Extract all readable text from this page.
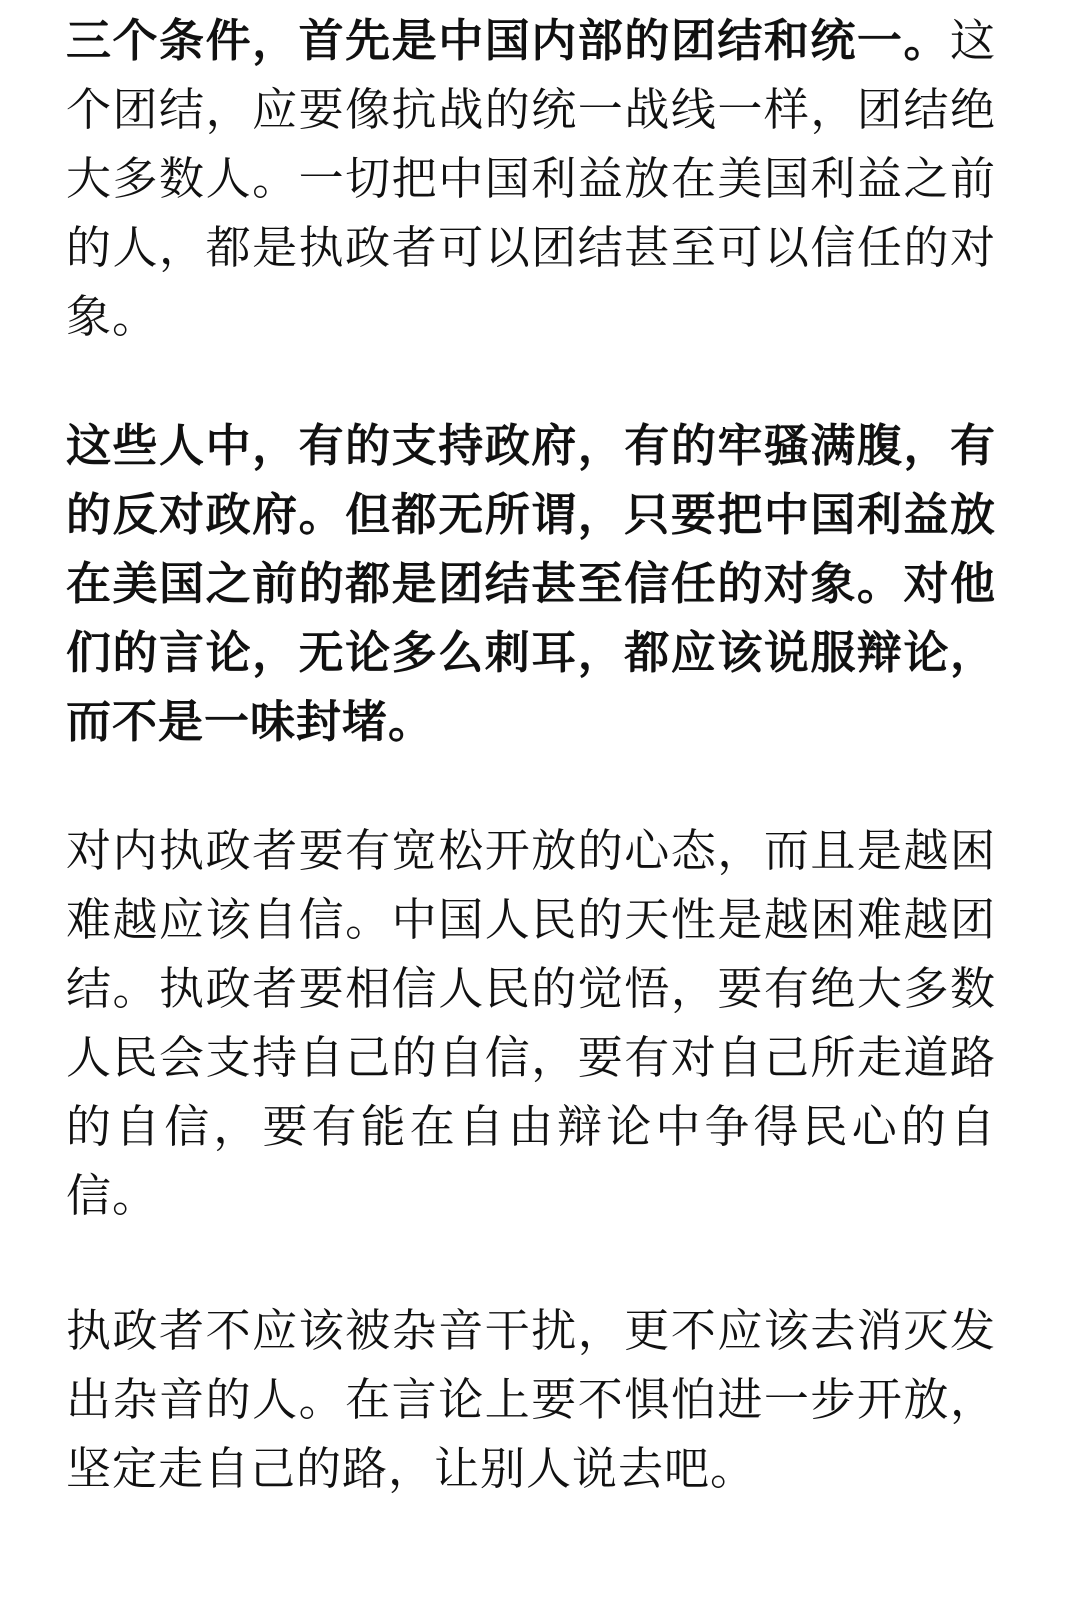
三个条件，首先是中国内部的团结和统一。这个团结，应要像抗战的统一战线一样，团结绝大多数人。一切把中国利益放在美国利益之前的人，都是执政者可以团结甚至可以信任的对象。

这些人中，有的支持政府，有的牢骚满腹，有的反对政府。但都无所谓，只要把中国利益放在美国之前的都是团结甚至信任的对象。对他们的言论，无论多么刺耳，都应该说服辩论，而不是一味封堵。

对内执政者要有宽松开放的心态，而且是越困难越应该自信。中国人民的天性是越困难越团结。执政者要相信人民的觉悟，要有绝大多数人民会支持自己的自信，要有对自己所走道路的自信，要有能在自由辩论中争得民心的自信。

执政者不应该被杂音干扰，更不应该去消灭发出杂音的人。在言论上要不惧怕进一步开放，坚定走自己的路，让别人说去吧。
